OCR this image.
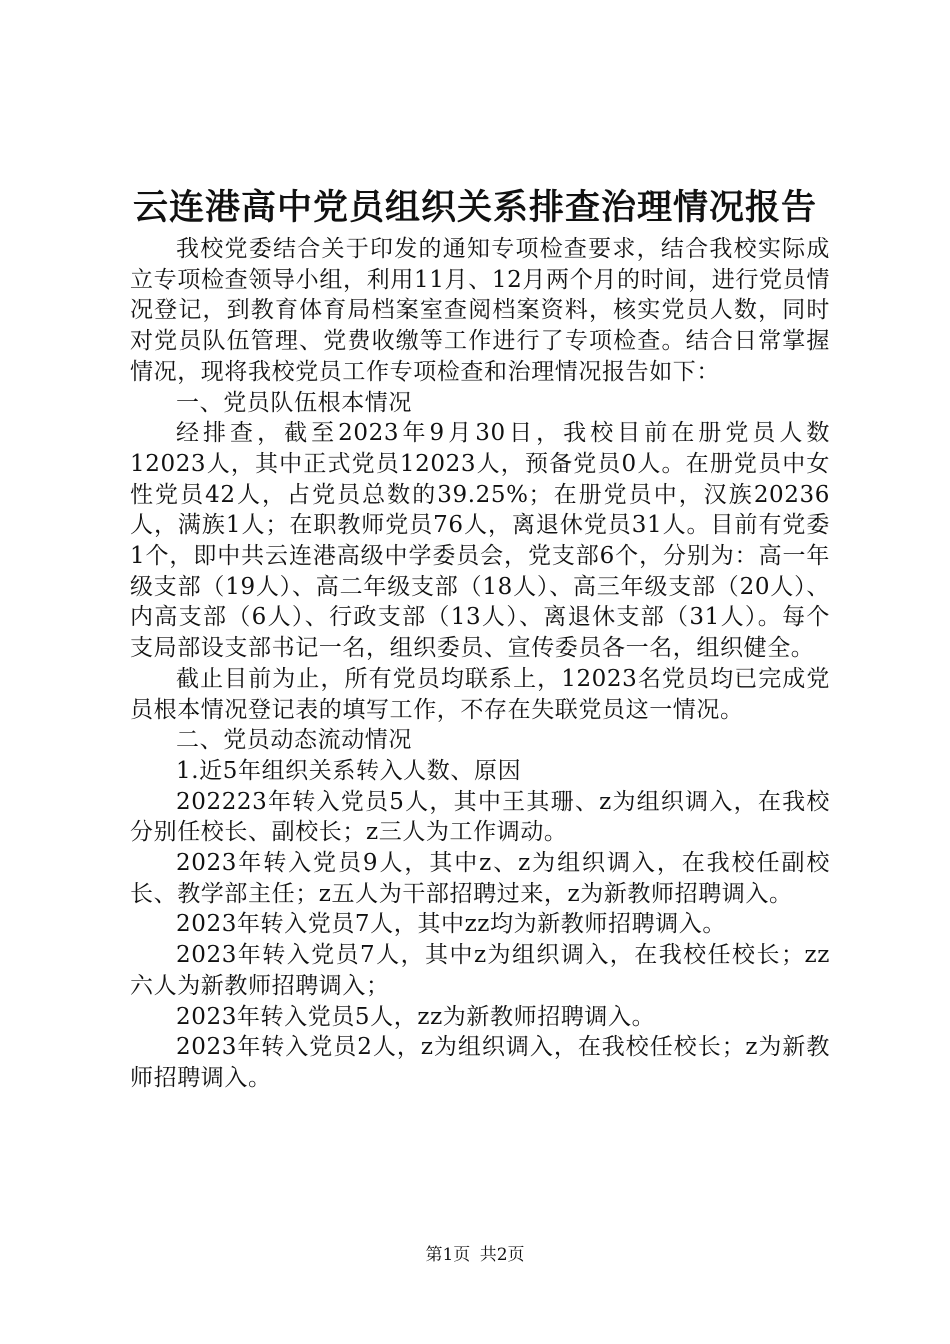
云连港高中党员组织关系排查治理情况报告

我校党委结合关于印发的通知专项检查要求，结合我校实际成立专项检查领导小组，利用11月、12月两个月的时间，进行党员情况登记，到教育体育局档案室查阅档案资料，核实党员人数，同时对党员队伍管理、党费收缴等工作进行了专项检查。结合日常掌握情况，现将我校党员工作专项检查和治理情况报告如下：

一、党员队伍根本情况

经排查，截至2023年9月30日，我校目前在册党员人数12023人，其中正式党员12023人，预备党员0人。在册党员中女性党员42人，占党员总数的39.25%；在册党员中，汉族20236人，满族1人；在职教师党员76人，离退休党员31人。目前有党委1个，即中共云连港高级中学委员会，党支部6个，分别为：高一年级支部（19人）、高二年级支部（18人）、高三年级支部（20人）、内高支部（6人）、行政支部（13人）、离退休支部（31人）。每个支局部设支部书记一名，组织委员、宣传委员各一名，组织健全。

截止目前为止，所有党员均联系上，12023名党员均已完成党员根本情况登记表的填写工作，不存在失联党员这一情况。

二、党员动态流动情况

1.近5年组织关系转入人数、原因

202223年转入党员5人，其中王其珊、z为组织调入，在我校分别任校长、副校长；z三人为工作调动。

2023年转入党员9人，其中z、z为组织调入，在我校任副校长、教学部主任；z五人为干部招聘过来，z为新教师招聘调入。

2023年转入党员7人，其中zz均为新教师招聘调入。

2023年转入党员7人，其中z为组织调入，在我校任校长；zz六人为新教师招聘调入；

2023年转入党员5人，zz为新教师招聘调入。

2023年转入党员2人，z为组织调入，在我校任校长；z为新教师招聘调入。

第1页 共2页
